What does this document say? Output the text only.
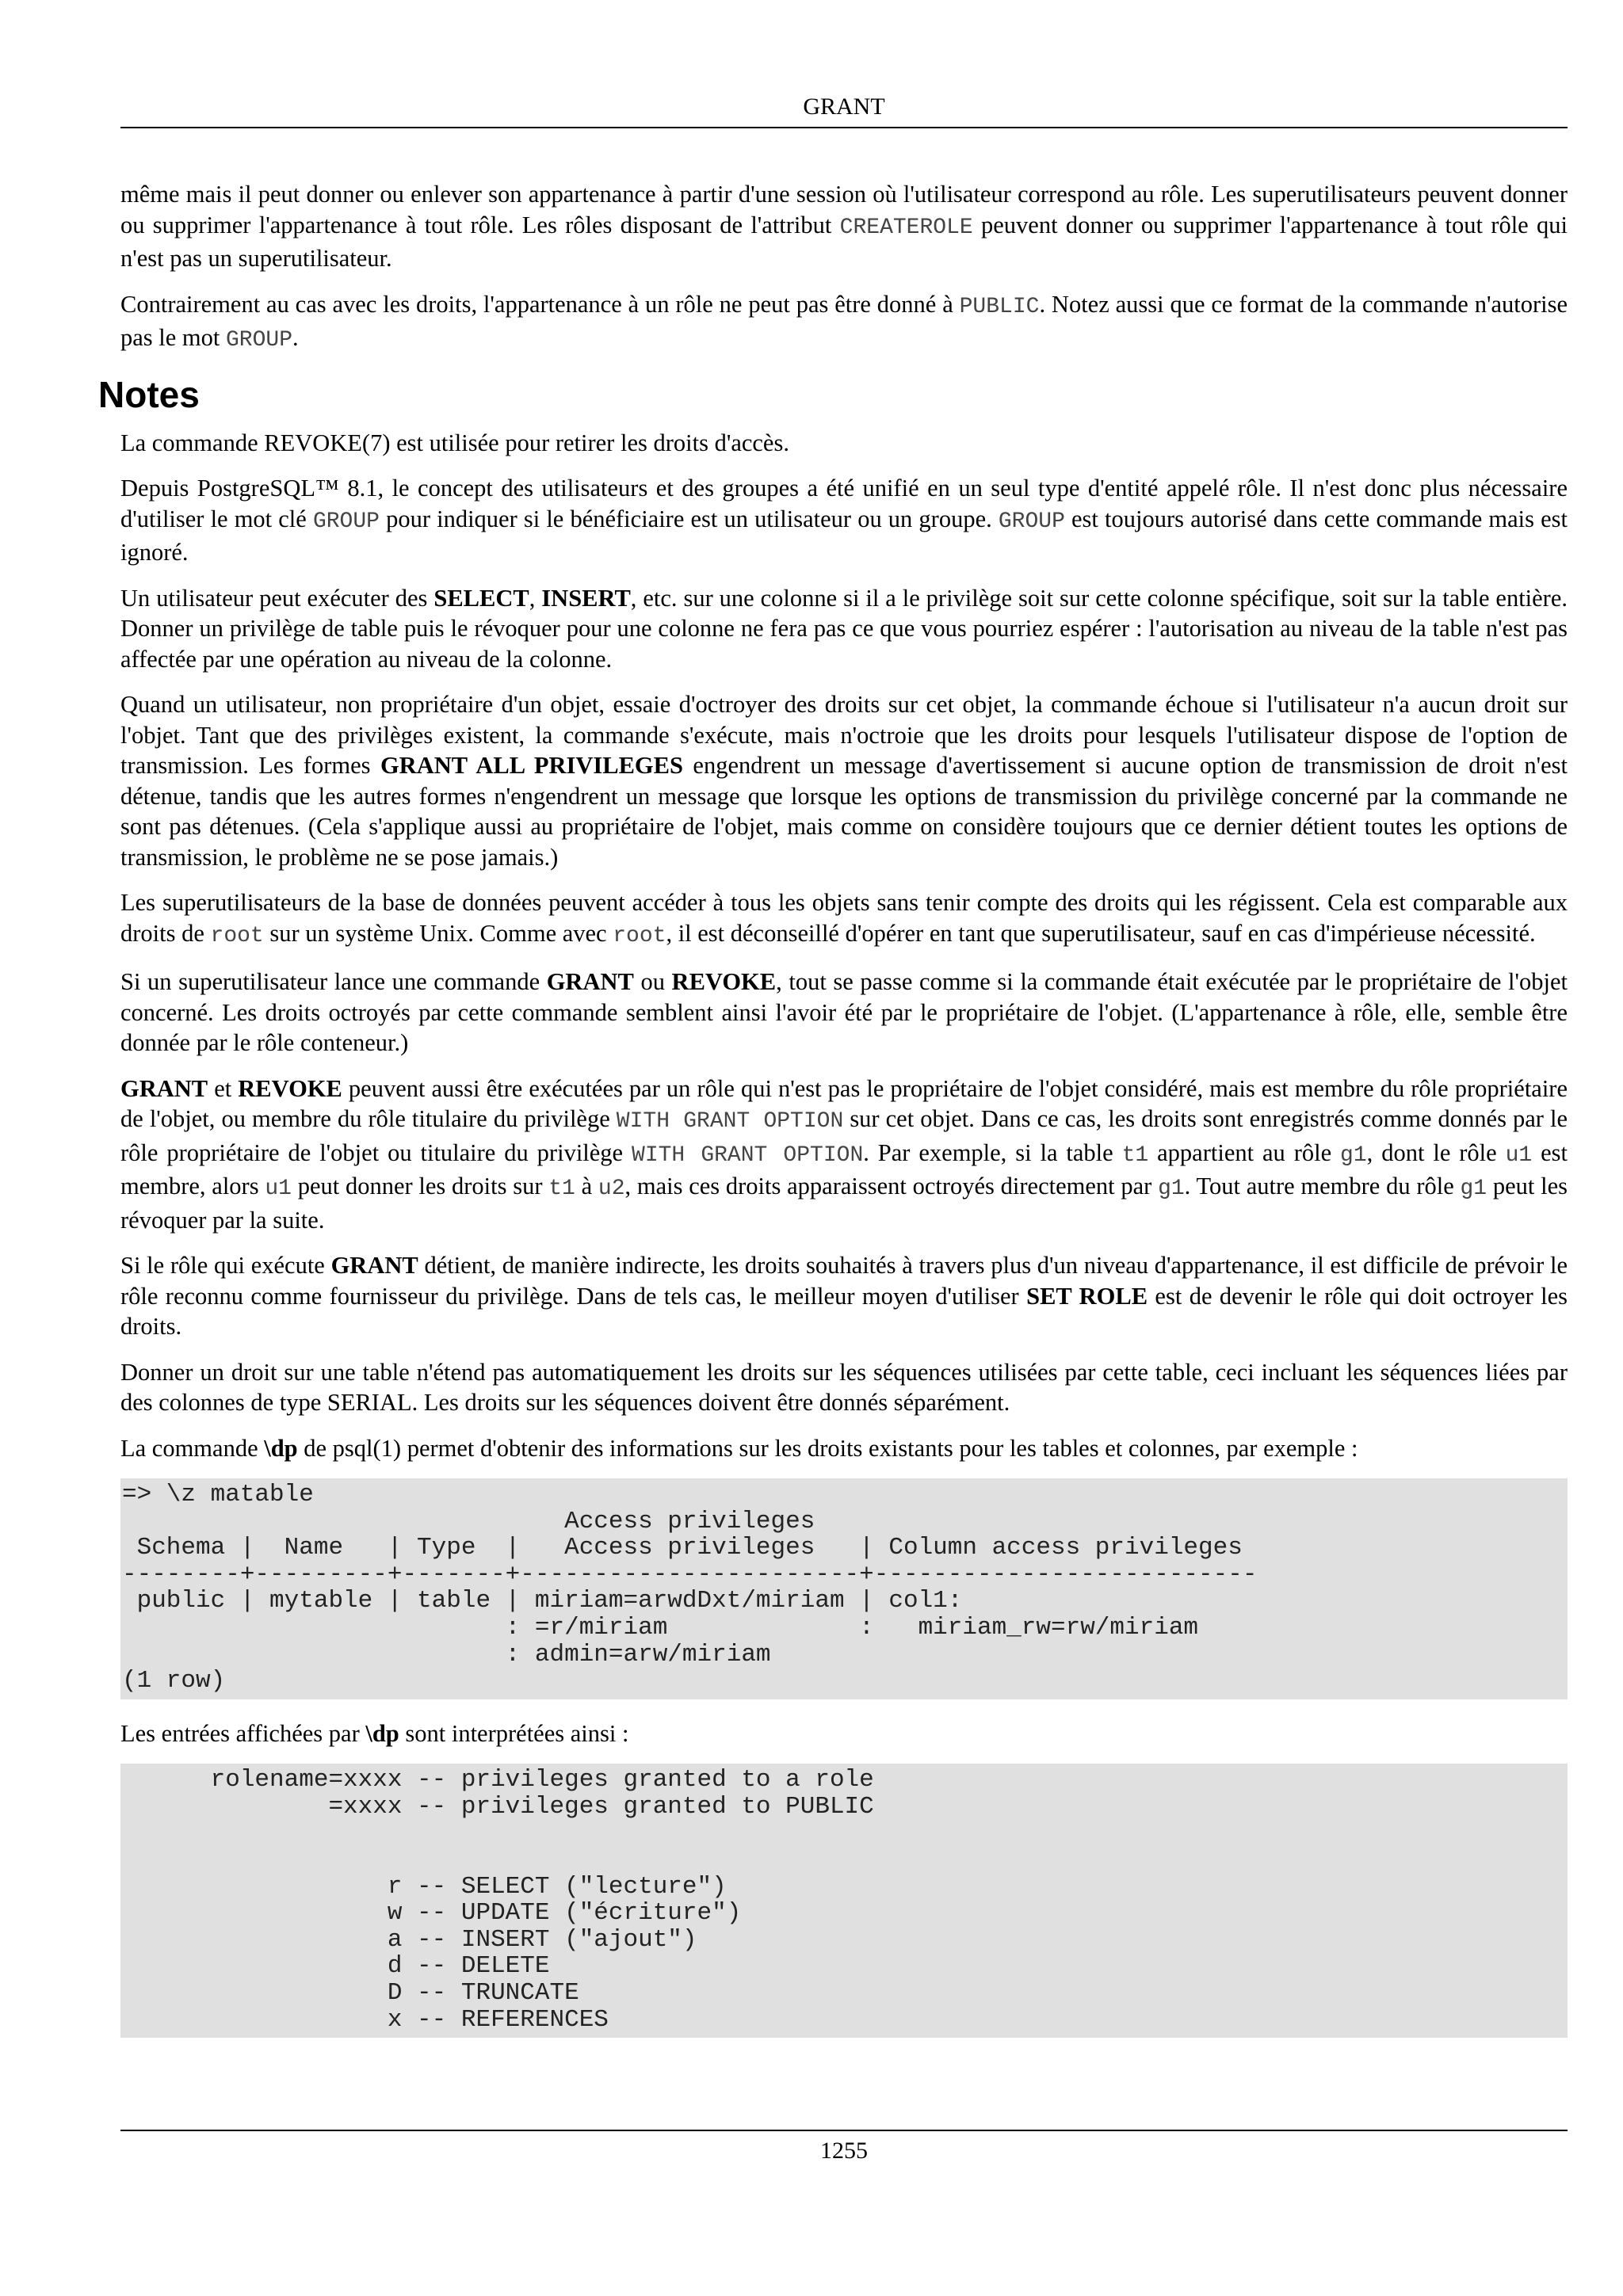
GRANT

même mais il peut donner ou enlever son appartenance à partir d'une session où l'utilisateur correspond au rôle. Les superutilisateurs peuvent donner ou supprimer l'appartenance à tout rôle. Les rôles disposant de l'attribut CREATEROLE peuvent donner ou supprimer l'appartenance à tout rôle qui n'est pas un superutilisateur.

Contrairement au cas avec les droits, l'appartenance à un rôle ne peut pas être donné à PUBLIC. Notez aussi que ce format de la commande n'autorise pas le mot GROUP.

Notes

La commande REVOKE(7) est utilisée pour retirer les droits d'accès.

Depuis PostgreSQL™ 8.1, le concept des utilisateurs et des groupes a été unifié en un seul type d'entité appelé rôle. Il n'est donc plus nécessaire d'utiliser le mot clé GROUP pour indiquer si le bénéficiaire est un utilisateur ou un groupe. GROUP est toujours autorisé dans cette commande mais est ignoré.

Un utilisateur peut exécuter des SELECT, INSERT, etc. sur une colonne si il a le privilège soit sur cette colonne spécifique, soit sur la table entière. Donner un privilège de table puis le révoquer pour une colonne ne fera pas ce que vous pourriez espérer : l'autorisation au niveau de la table n'est pas affectée par une opération au niveau de la colonne.

Quand un utilisateur, non propriétaire d'un objet, essaie d'octroyer des droits sur cet objet, la commande échoue si l'utilisateur n'a aucun droit sur l'objet. Tant que des privilèges existent, la commande s'exécute, mais n'octroie que les droits pour lesquels l'utilisateur dispose de l'option de transmission. Les formes GRANT ALL PRIVILEGES engendrent un message d'avertissement si aucune option de transmission de droit n'est détenue, tandis que les autres formes n'engendrent un message que lorsque les options de transmission du privilège concerné par la commande ne sont pas détenues. (Cela s'applique aussi au propriétaire de l'objet, mais comme on considère toujours que ce dernier détient toutes les options de transmission, le problème ne se pose jamais.)

Les superutilisateurs de la base de données peuvent accéder à tous les objets sans tenir compte des droits qui les régissent. Cela est comparable aux droits de root sur un système Unix. Comme avec root, il est déconseillé d'opérer en tant que superutilisateur, sauf en cas d'impérieuse nécessité.

Si un superutilisateur lance une commande GRANT ou REVOKE, tout se passe comme si la commande était exécutée par le propriétaire de l'objet concerné. Les droits octroyés par cette commande semblent ainsi l'avoir été par le propriétaire de l'objet. (L'appartenance à rôle, elle, semble être donnée par le rôle conteneur.)

GRANT et REVOKE peuvent aussi être exécutées par un rôle qui n'est pas le propriétaire de l'objet considéré, mais est membre du rôle propriétaire de l'objet, ou membre du rôle titulaire du privilège WITH GRANT OPTION sur cet objet. Dans ce cas, les droits sont enregistrés comme donnés par le rôle propriétaire de l'objet ou titulaire du privilège WITH GRANT OPTION. Par exemple, si la table t1 appartient au rôle g1, dont le rôle u1 est membre, alors u1 peut donner les droits sur t1 à u2, mais ces droits apparaissent octroyés directement par g1. Tout autre membre du rôle g1 peut les révoquer par la suite.

Si le rôle qui exécute GRANT détient, de manière indirecte, les droits souhaités à travers plus d'un niveau d'appartenance, il est difficile de prévoir le rôle reconnu comme fournisseur du privilège. Dans de tels cas, le meilleur moyen d'utiliser SET ROLE est de devenir le rôle qui doit octroyer les droits.

Donner un droit sur une table n'étend pas automatiquement les droits sur les séquences utilisées par cette table, ceci incluant les séquences liées par des colonnes de type SERIAL. Les droits sur les séquences doivent être donnés séparément.

La commande \dp de psql(1) permet d'obtenir des informations sur les droits existants pour les tables et colonnes, par exemple :

=> \z matable
Access privileges
Schema |  Name   | Type  |   Access privileges   | Column access privileges
--------+---------+-------+-----------------------+--------------------------
public | mytable | table | miriam=arwdDxt/miriam | col1:
: =r/miriam             :   miriam_rw=rw/miriam
: admin=arw/miriam
(1 row)

Les entrées affichées par \dp sont interprétées ainsi :

rolename=xxxx -- privileges granted to a role
=xxxx -- privileges granted to PUBLIC

r -- SELECT ("lecture")
w -- UPDATE ("écriture")
a -- INSERT ("ajout")
d -- DELETE
D -- TRUNCATE
x -- REFERENCES
1255
